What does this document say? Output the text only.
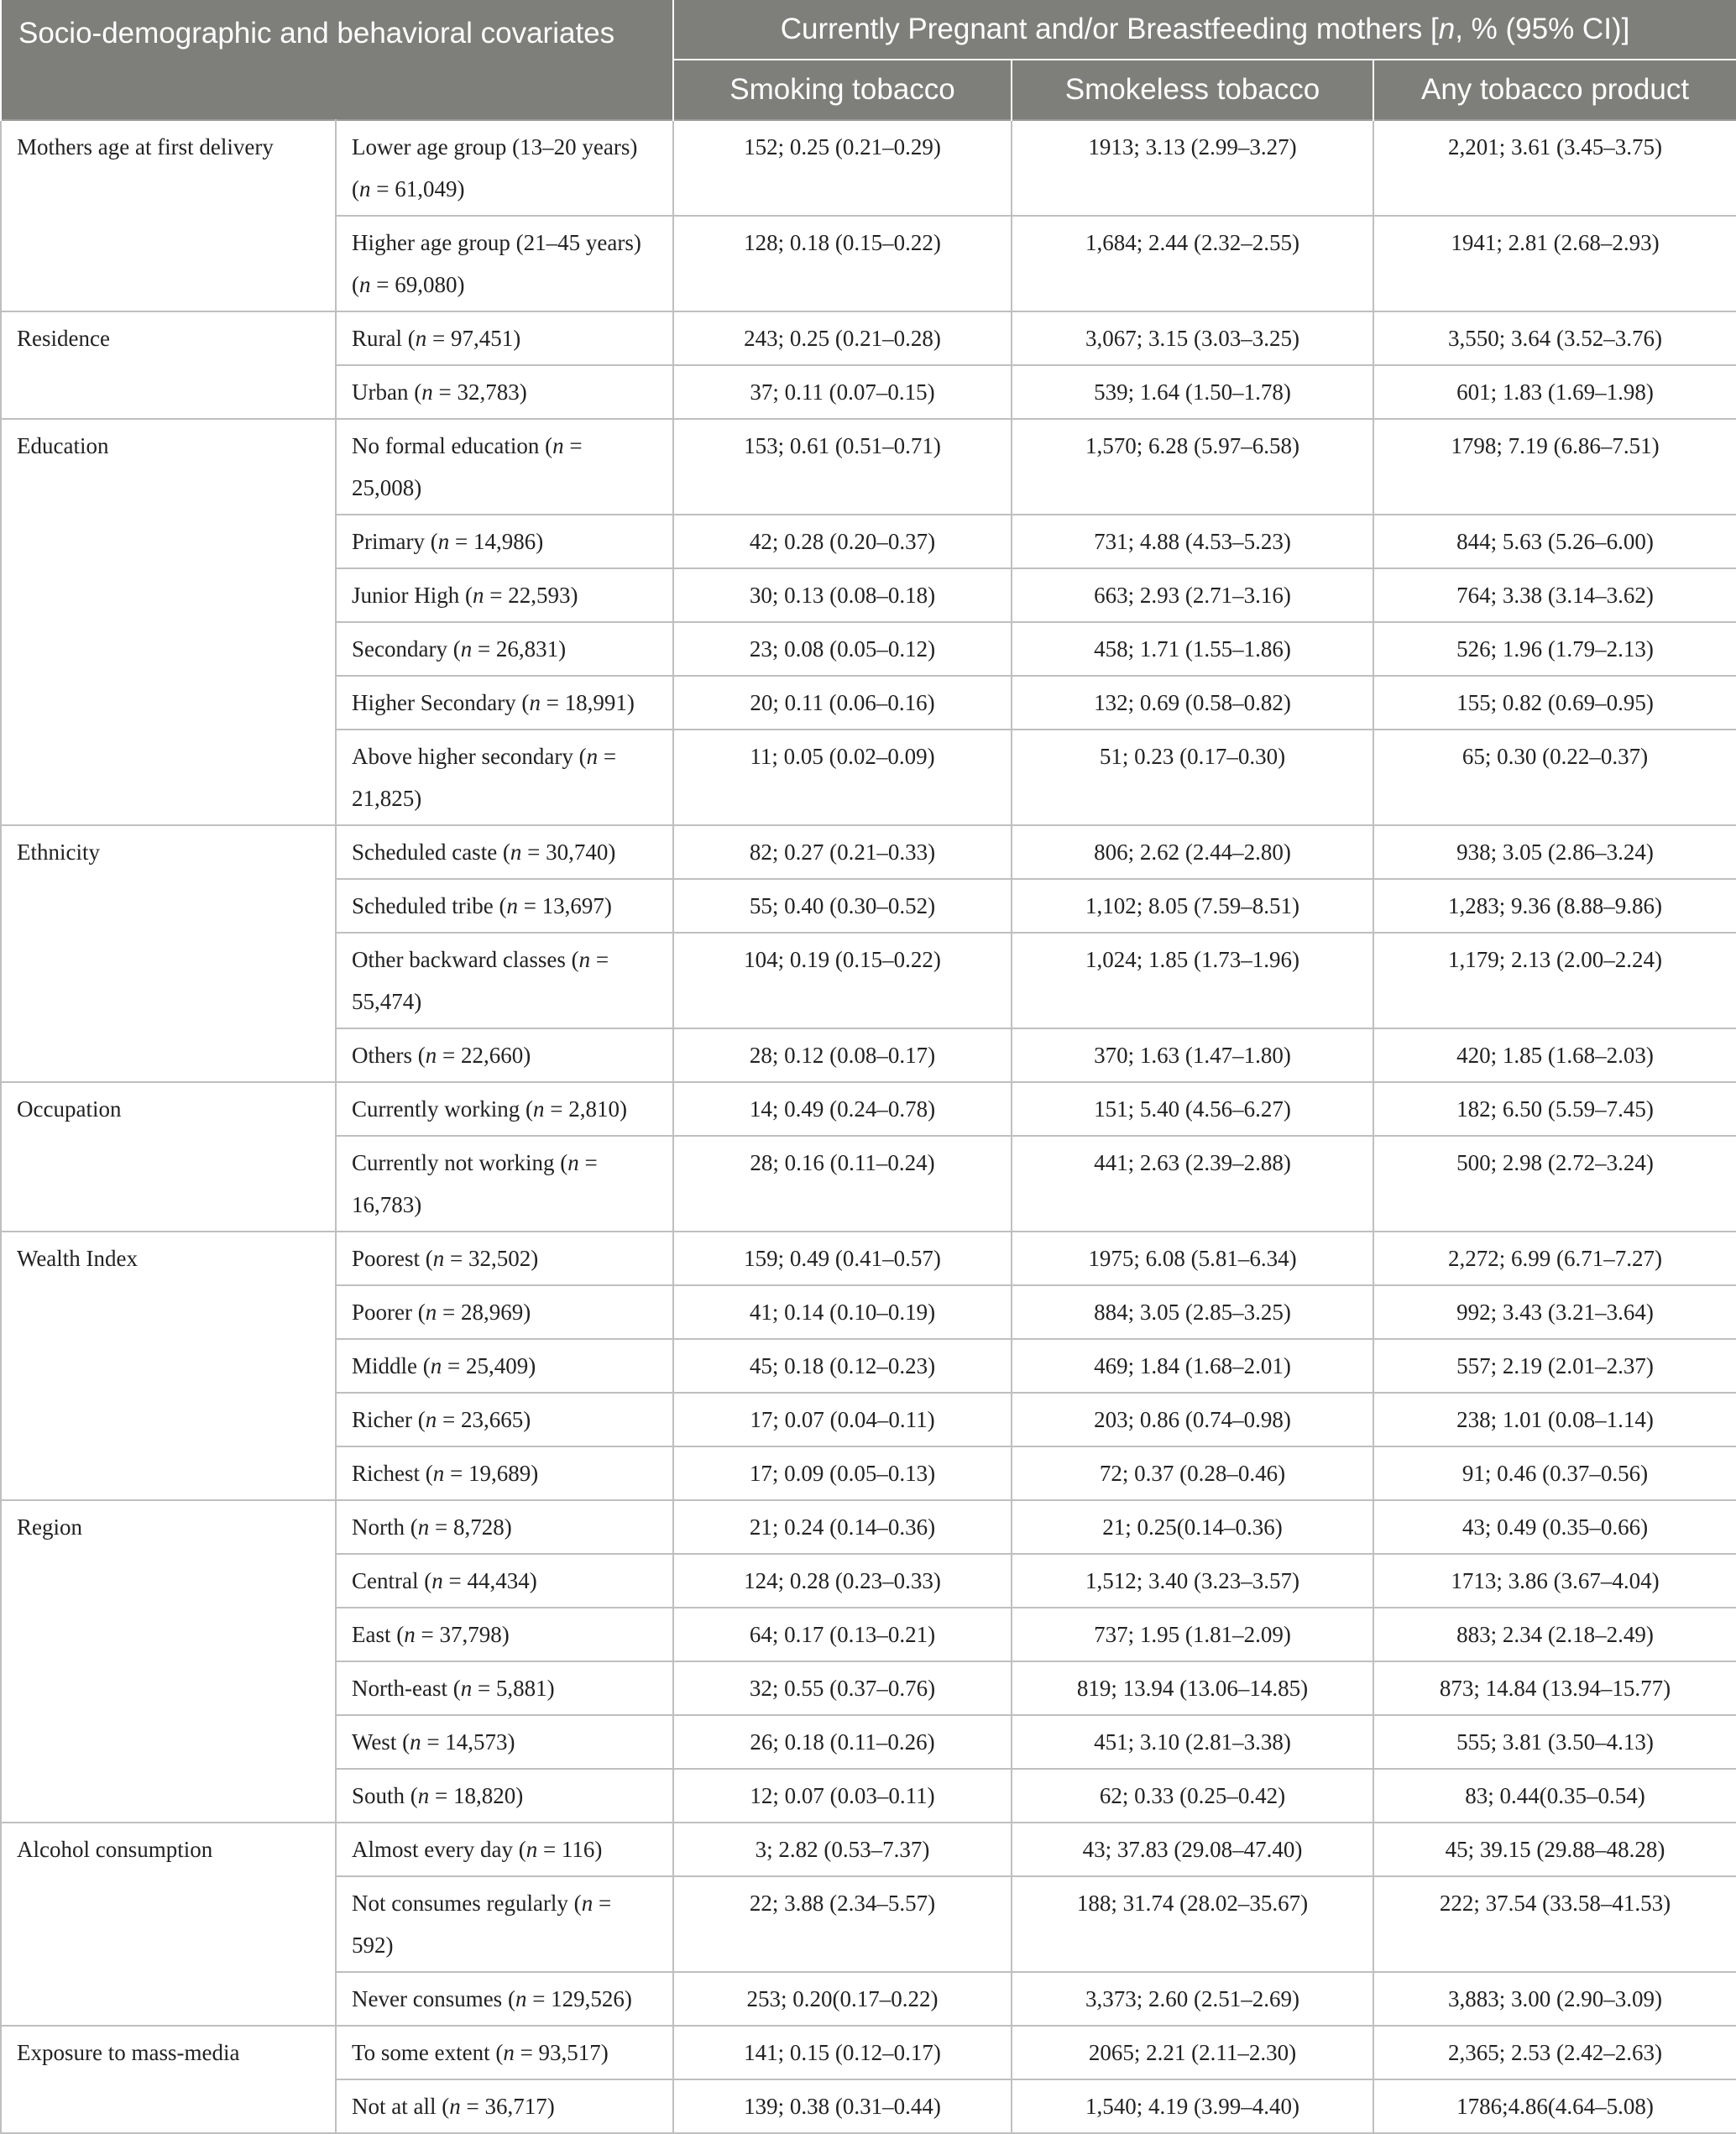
Socio-demographic and behavioral covariates		Currently Pregnant and/or Breastfeeding mothers [n, % (95% CI)]		
		Smoking tobacco	Smokeless tobacco	Any tobacco product
Mothers age at first delivery	Lower age group (13–20 years) (n = 61,049)	152; 0.25 (0.21–0.29)	1913; 3.13 (2.99–3.27)	2,201; 3.61 (3.45–3.75)
	Higher age group (21–45 years) (n = 69,080)	128; 0.18 (0.15–0.22)	1,684; 2.44 (2.32–2.55)	1941; 2.81 (2.68–2.93)
Residence	Rural (n = 97,451)	243; 0.25 (0.21–0.28)	3,067; 3.15 (3.03–3.25)	3,550; 3.64 (3.52–3.76)
	Urban (n = 32,783)	37; 0.11 (0.07–0.15)	539; 1.64 (1.50–1.78)	601; 1.83 (1.69–1.98)
Education	No formal education (n = 25,008)	153; 0.61 (0.51–0.71)	1,570; 6.28 (5.97–6.58)	1798; 7.19 (6.86–7.51)
	Primary (n = 14,986)	42; 0.28 (0.20–0.37)	731; 4.88 (4.53–5.23)	844; 5.63 (5.26–6.00)
	Junior High (n = 22,593)	30; 0.13 (0.08–0.18)	663; 2.93 (2.71–3.16)	764; 3.38 (3.14–3.62)
	Secondary (n = 26,831)	23; 0.08 (0.05–0.12)	458; 1.71 (1.55–1.86)	526; 1.96 (1.79–2.13)
	Higher Secondary (n = 18,991)	20; 0.11 (0.06–0.16)	132; 0.69 (0.58–0.82)	155; 0.82 (0.69–0.95)
	Above higher secondary (n = 21,825)	11; 0.05 (0.02–0.09)	51; 0.23 (0.17–0.30)	65; 0.30 (0.22–0.37)
Ethnicity	Scheduled caste (n = 30,740)	82; 0.27 (0.21–0.33)	806; 2.62 (2.44–2.80)	938; 3.05 (2.86–3.24)
	Scheduled tribe (n = 13,697)	55; 0.40 (0.30–0.52)	1,102; 8.05 (7.59–8.51)	1,283; 9.36 (8.88–9.86)
	Other backward classes (n = 55,474)	104; 0.19 (0.15–0.22)	1,024; 1.85 (1.73–1.96)	1,179; 2.13 (2.00–2.24)
	Others (n = 22,660)	28; 0.12 (0.08–0.17)	370; 1.63 (1.47–1.80)	420; 1.85 (1.68–2.03)
Occupation	Currently working (n = 2,810)	14; 0.49 (0.24–0.78)	151; 5.40 (4.56–6.27)	182; 6.50 (5.59–7.45)
	Currently not working (n = 16,783)	28; 0.16 (0.11–0.24)	441; 2.63 (2.39–2.88)	500; 2.98 (2.72–3.24)
Wealth Index	Poorest (n = 32,502)	159; 0.49 (0.41–0.57)	1975; 6.08 (5.81–6.34)	2,272; 6.99 (6.71–7.27)
	Poorer (n = 28,969)	41; 0.14 (0.10–0.19)	884; 3.05 (2.85–3.25)	992; 3.43 (3.21–3.64)
	Middle (n = 25,409)	45; 0.18 (0.12–0.23)	469; 1.84 (1.68–2.01)	557; 2.19 (2.01–2.37)
	Richer (n = 23,665)	17; 0.07 (0.04–0.11)	203; 0.86 (0.74–0.98)	238; 1.01 (0.08–1.14)
	Richest (n = 19,689)	17; 0.09 (0.05–0.13)	72; 0.37 (0.28–0.46)	91; 0.46 (0.37–0.56)
Region	North (n = 8,728)	21; 0.24 (0.14–0.36)	21; 0.25(0.14–0.36)	43; 0.49 (0.35–0.66)
	Central (n = 44,434)	124; 0.28 (0.23–0.33)	1,512; 3.40 (3.23–3.57)	1713; 3.86 (3.67–4.04)
	East (n = 37,798)	64; 0.17 (0.13–0.21)	737; 1.95 (1.81–2.09)	883; 2.34 (2.18–2.49)
	North-east (n = 5,881)	32; 0.55 (0.37–0.76)	819; 13.94 (13.06–14.85)	873; 14.84 (13.94–15.77)
	West (n = 14,573)	26; 0.18 (0.11–0.26)	451; 3.10 (2.81–3.38)	555; 3.81 (3.50–4.13)
	South (n = 18,820)	12; 0.07 (0.03–0.11)	62; 0.33 (0.25–0.42)	83; 0.44(0.35–0.54)
Alcohol consumption	Almost every day (n = 116)	3; 2.82 (0.53–7.37)	43; 37.83 (29.08–47.40)	45; 39.15 (29.88–48.28)
	Not consumes regularly (n = 592)	22; 3.88 (2.34–5.57)	188; 31.74 (28.02–35.67)	222; 37.54 (33.58–41.53)
	Never consumes (n = 129,526)	253; 0.20(0.17–0.22)	3,373; 2.60 (2.51–2.69)	3,883; 3.00 (2.90–3.09)
Exposure to mass-media	To some extent (n = 93,517)	141; 0.15 (0.12–0.17)	2065; 2.21 (2.11–2.30)	2,365; 2.53 (2.42–2.63)
	Not at all (n = 36,717)	139; 0.38 (0.31–0.44)	1,540; 4.19 (3.99–4.40)	1786;4.86(4.64–5.08)
